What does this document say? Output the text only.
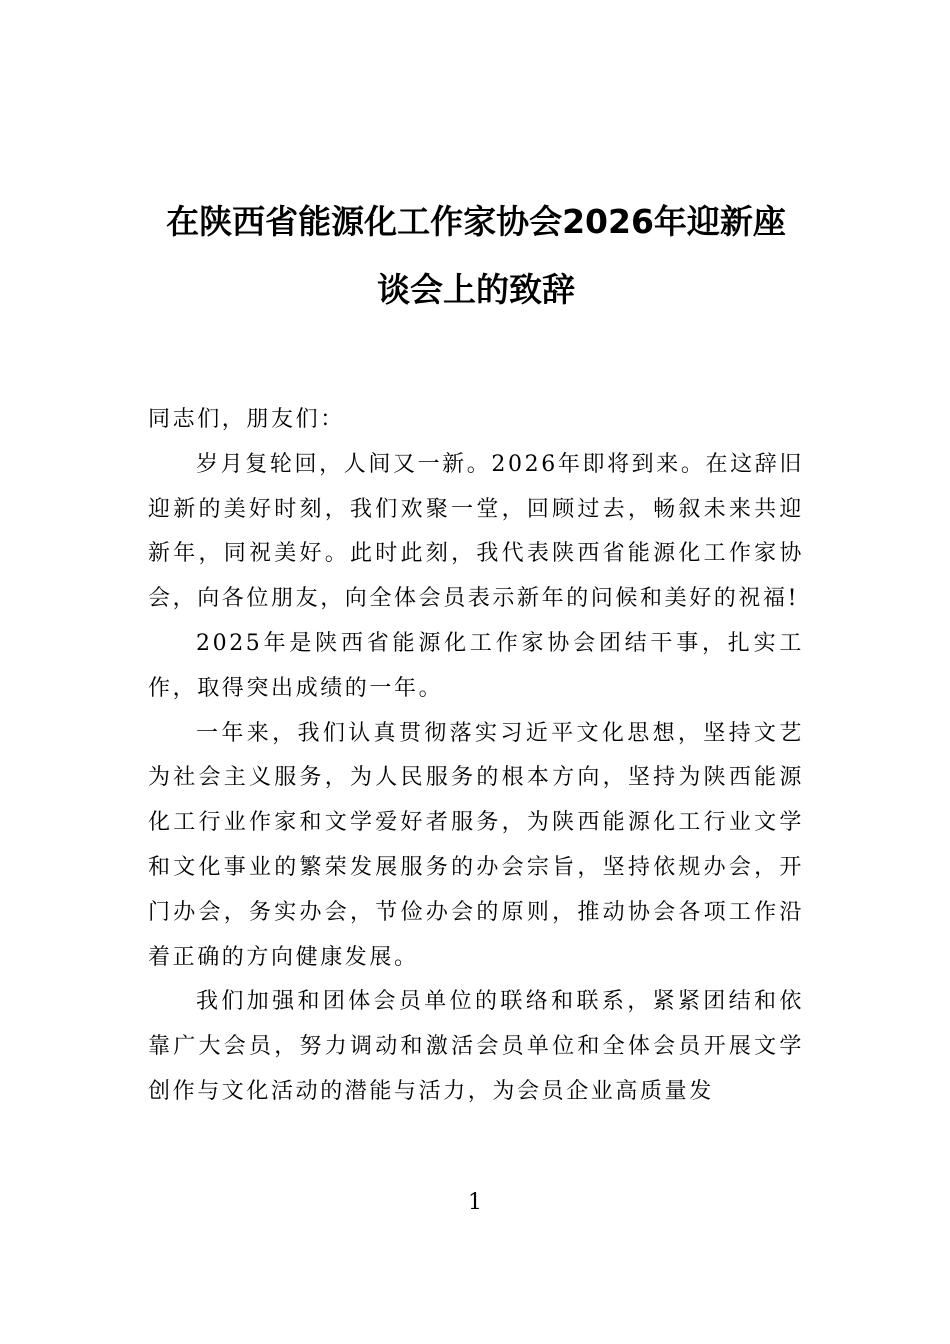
在陕西省能源化工作家协会2026年迎新座
谈会上的致辞

同志们，朋友们：

岁月复轮回，人间又一新。2026年即将到来。在这辞旧迎新的美好时刻，我们欢聚一堂，回顾过去，畅叙未来共迎新年，同祝美好。此时此刻，我代表陕西省能源化工作家协会，向各位朋友，向全体会员表示新年的问候和美好的祝福!

2025年是陕西省能源化工作家协会团结干事，扎实工作，取得突出成绩的一年。

一年来，我们认真贯彻落实习近平文化思想，坚持文艺为社会主义服务，为人民服务的根本方向，坚持为陕西能源化工行业作家和文学爱好者服务，为陕西能源化工行业文学和文化事业的繁荣发展服务的办会宗旨，坚持依规办会，开门办会，务实办会，节俭办会的原则，推动协会各项工作沿着正确的方向健康发展。

我们加强和团体会员单位的联络和联系，紧紧团结和依靠广大会员，努力调动和激活会员单位和全体会员开展文学创作与文化活动的潜能与活力，为会员企业高质量发

1
